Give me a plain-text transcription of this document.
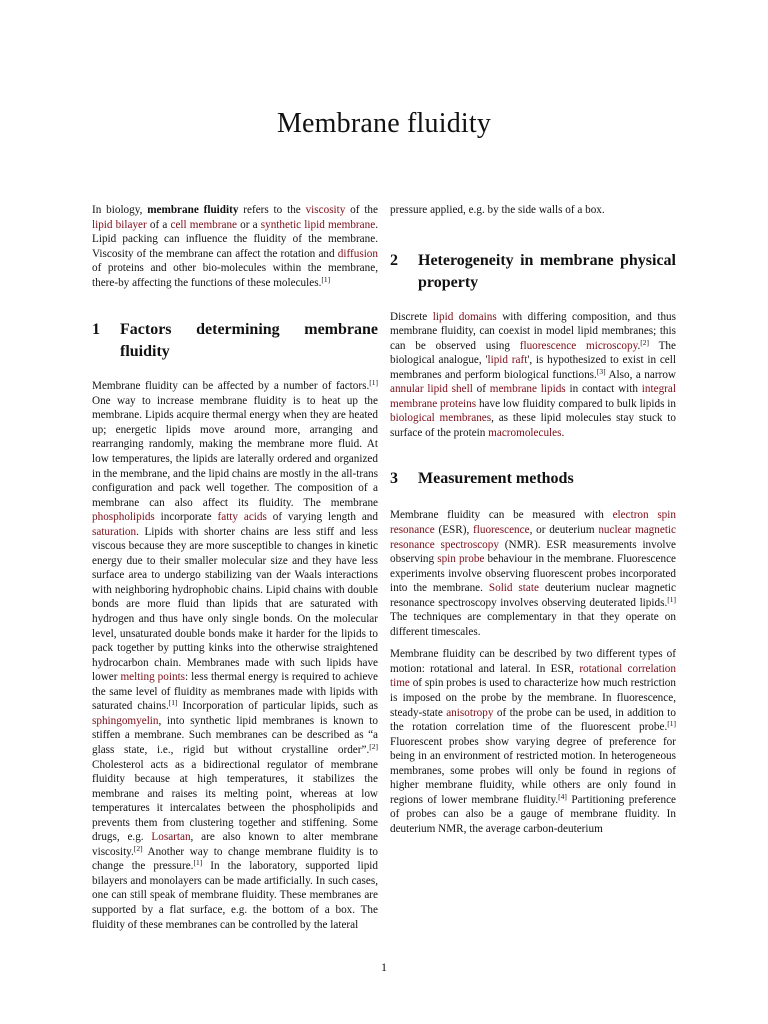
Membrane fluidity

In biology, membrane fluidity refers to the viscosity of the lipid bilayer of a cell membrane or a synthetic lipid membrane. Lipid packing can influence the fluidity of the membrane. Viscosity of the membrane can affect the rotation and diffusion of proteins and other bio-molecules within the membrane, there-by affecting the functions of these molecules.[1]

1 Factors determining membrane fluidity

Membrane fluidity can be affected by a number of factors.[1] One way to increase membrane fluidity is to heat up the membrane. Lipids acquire thermal energy when they are heated up; energetic lipids move around more, arranging and rearranging randomly, making the membrane more fluid. At low temperatures, the lipids are laterally ordered and organized in the membrane, and the lipid chains are mostly in the all-trans configuration and pack well together. The composition of a membrane can also affect its fluidity. The membrane phospholipids incorporate fatty acids of varying length and saturation. Lipids with shorter chains are less stiff and less viscous because they are more susceptible to changes in kinetic energy due to their smaller molecular size and they have less surface area to undergo stabilizing van der Waals interactions with neighboring hydrophobic chains. Lipid chains with double bonds are more fluid than lipids that are saturated with hydrogen and thus have only single bonds. On the molecular level, unsaturated double bonds make it harder for the lipids to pack together by putting kinks into the otherwise straightened hydrocarbon chain. Membranes made with such lipids have lower melting points: less thermal energy is required to achieve the same level of fluidity as membranes made with lipids with saturated chains.[1] Incorporation of particular lipids, such as sphingomyelin, into synthetic lipid membranes is known to stiffen a membrane. Such membranes can be described as “a glass state, i.e., rigid but without crystalline order”.[2] Cholesterol acts as a bidirectional regulator of membrane fluidity because at high temperatures, it stabilizes the membrane and raises its melting point, whereas at low temperatures it intercalates between the phospholipids and prevents them from clustering together and stiffening. Some drugs, e.g. Losartan, are also known to alter membrane viscosity.[2] Another way to change membrane fluidity is to change the pressure.[1] In the laboratory, supported lipid bilayers and monolayers can be made artificially. In such cases, one can still speak of membrane fluidity. These membranes are supported by a flat surface, e.g. the bottom of a box. The fluidity of these membranes can be controlled by the lateral

pressure applied, e.g. by the side walls of a box.

2 Heterogeneity in membrane physical property

Discrete lipid domains with differing composition, and thus membrane fluidity, can coexist in model lipid membranes; this can be observed using fluorescence microscopy.[2] The biological analogue, 'lipid raft', is hypothesized to exist in cell membranes and perform biological functions.[3] Also, a narrow annular lipid shell of membrane lipids in contact with integral membrane proteins have low fluidity compared to bulk lipids in biological membranes, as these lipid molecules stay stuck to surface of the protein macromolecules.

3 Measurement methods

Membrane fluidity can be measured with electron spin resonance (ESR), fluorescence, or deuterium nuclear magnetic resonance spectroscopy (NMR). ESR measurements involve observing spin probe behaviour in the membrane. Fluorescence experiments involve observing fluorescent probes incorporated into the membrane. Solid state deuterium nuclear magnetic resonance spectroscopy involves observing deuterated lipids.[1] The techniques are complementary in that they operate on different timescales.

Membrane fluidity can be described by two different types of motion: rotational and lateral. In ESR, rotational correlation time of spin probes is used to characterize how much restriction is imposed on the probe by the membrane. In fluorescence, steady-state anisotropy of the probe can be used, in addition to the rotation correlation time of the fluorescent probe.[1] Fluorescent probes show varying degree of preference for being in an environment of restricted motion. In heterogeneous membranes, some probes will only be found in regions of higher membrane fluidity, while others are only found in regions of lower membrane fluidity.[4] Partitioning preference of probes can also be a gauge of membrane fluidity. In deuterium NMR, the average carbon-deuterium

1
